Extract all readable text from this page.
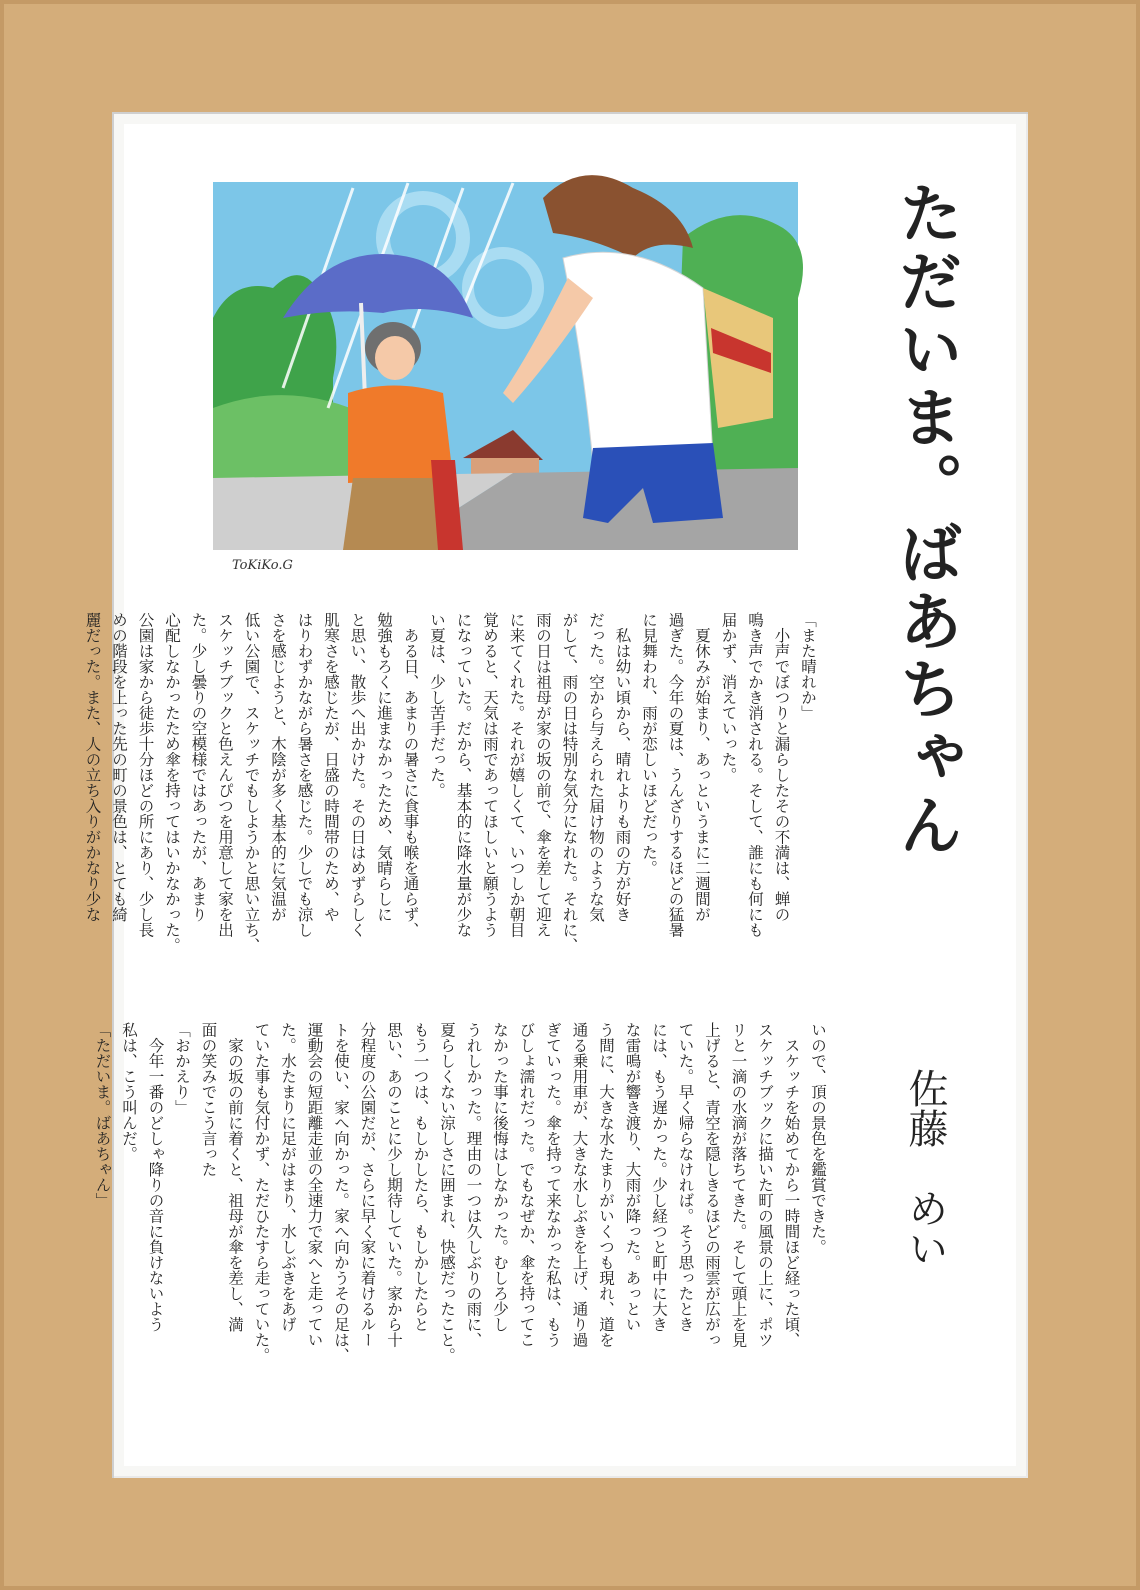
ToKiKo.G	ただいま。ばあちゃん
佐藤めい
「また晴れか」
　小声でぼつりと漏らしたその不満は、蝉の
鳴き声でかき消される。そして、誰にも何にも
届かず、消えていった。
　夏休みが始まり、あっというまに二週間が
過ぎた。今年の夏は、うんざりするほどの猛暑
に見舞われ、雨が恋しいほどだった。
　私は幼い頃から、晴れよりも雨の方が好き
だった。空から与えられた届け物のような気
がして、雨の日は特別な気分になれた。それに、
雨の日は祖母が家の坂の前で、傘を差して迎え
に来てくれた。それが嬉しくて、いつしか朝目
覚めると、天気は雨であってほしいと願うよう
になっていた。だから、基本的に降水量が少な
い夏は、少し苦手だった。
　ある日、あまりの暑さに食事も喉を通らず、
勉強もろくに進まなかったため、気晴らしに
と思い、散歩へ出かけた。その日はめずらしく
肌寒さを感じたが、日盛の時間帯のため、や
はりわずかながら暑さを感じた。少しでも涼し
さを感じようと、木陰が多く基本的に気温が
低い公園で、スケッチでもしようかと思い立ち、
スケッチブックと色えんぴつを用意して家を出
た。少し曇りの空模様ではあったが、あまり
心配しなかったため傘を持ってはいかなかった。
公園は家から徒歩十分ほどの所にあり、少し長
めの階段を上った先の町の景色は、とても綺
麗だった。また、人の立ち入りがかなり少な
いので、頂の景色を鑑賞できた。
　スケッチを始めてから一時間ほど経った頃、
スケッチブックに描いた町の風景の上に、ポツ
リと一滴の水滴が落ちてきた。そして頭上を見
上げると、青空を隠しきるほどの雨雲が広がっ
ていた。早く帰らなければ。そう思ったとき
には、もう遅かった。少し経つと町中に大き
な雷鳴が響き渡り、大雨が降った。あっとい
う間に、大きな水たまりがいくつも現れ、道を
通る乗用車が、大きな水しぶきを上げ、通り過
ぎていった。傘を持って来なかった私は、もう
びしょ濡れだった。でもなぜか、傘を持ってこ
なかった事に後悔はしなかった。むしろ少し
うれしかった。理由の一つは久しぶりの雨に、
夏らしくない涼しさに囲まれ、快感だったこと。
もう一つは、もしかしたら、もしかしたらと
思い、あのことに少し期待していた。家から十
分程度の公園だが、さらに早く家に着けるルー
トを使い、家へ向かった。家へ向かうその足は、
運動会の短距離走並の全速力で家へと走ってい
た。水たまりに足がはまり、水しぶきをあげ
ていた事も気付かず、ただひたすら走っていた。
　家の坂の前に着くと、祖母が傘を差し、満
面の笑みでこう言った
「おかえり」
　今年一番のどしゃ降りの音に負けないよう
私は、こう叫んだ。
「ただいま。ばあちゃん」
